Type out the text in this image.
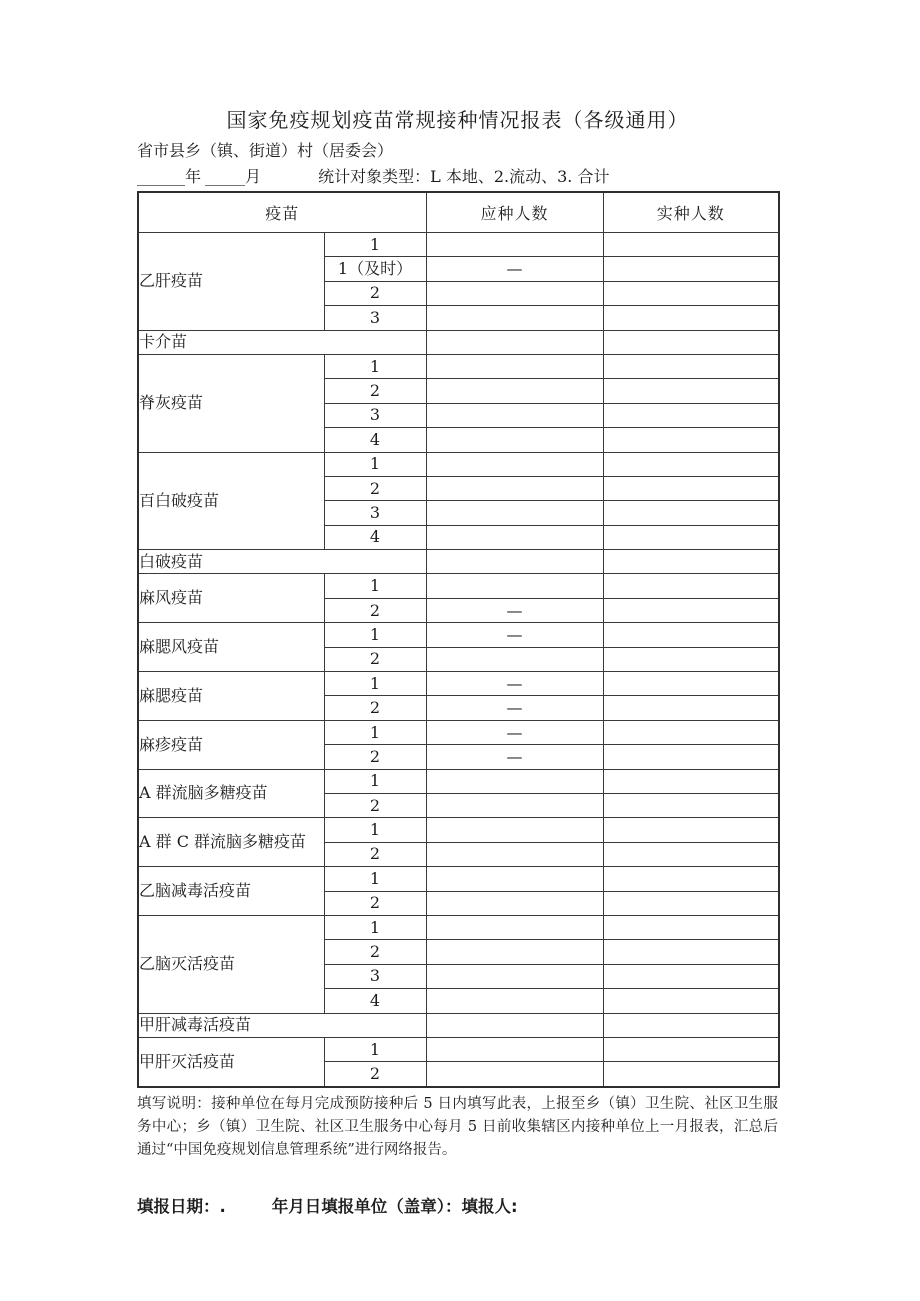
国家免疫规划疫苗常规接种情况报表（各级通用）
省市县乡（镇、街道）村（居委会）
______年 _____月	统计对象类型：L 本地、2.流动、3. 合计
疫苗		应种人数	实种人数
乙肝疫苗	1		
	1（及时）	—	
	2		
	3		
卡介苗			
脊灰疫苗	1		
	2		
	3		
	4		
百白破疫苗	1		
	2		
	3		
	4		
白破疫苗			
麻风疫苗	1		
	2	—	
麻腮风疫苗	1	—	
	2		
麻腮疫苗	1	—	
	2	—	
麻疹疫苗	1	—	
	2	—	
A 群流脑多糖疫苗	1		
	2		
A 群 C 群流脑多糖疫苗	1		
	2		
乙脑减毒活疫苗	1		
	2		
乙脑灭活疫苗	1		
	2		
	3		
	4		
甲肝减毒活疫苗			
甲肝灭活疫苗	1		
	2		

填写说明：接种单位在每月完成预防接种后 5 日内填写此表，上报至乡（镇）卫生院、社区卫生服务中心；乡（镇）卫生院、社区卫生服务中心每月 5 日前收集辖区内接种单位上一月报表，汇总后通过“中国免疫规划信息管理系统”进行网络报告。

填报日期：.	年月日填报单位（盖章）：填报人:
